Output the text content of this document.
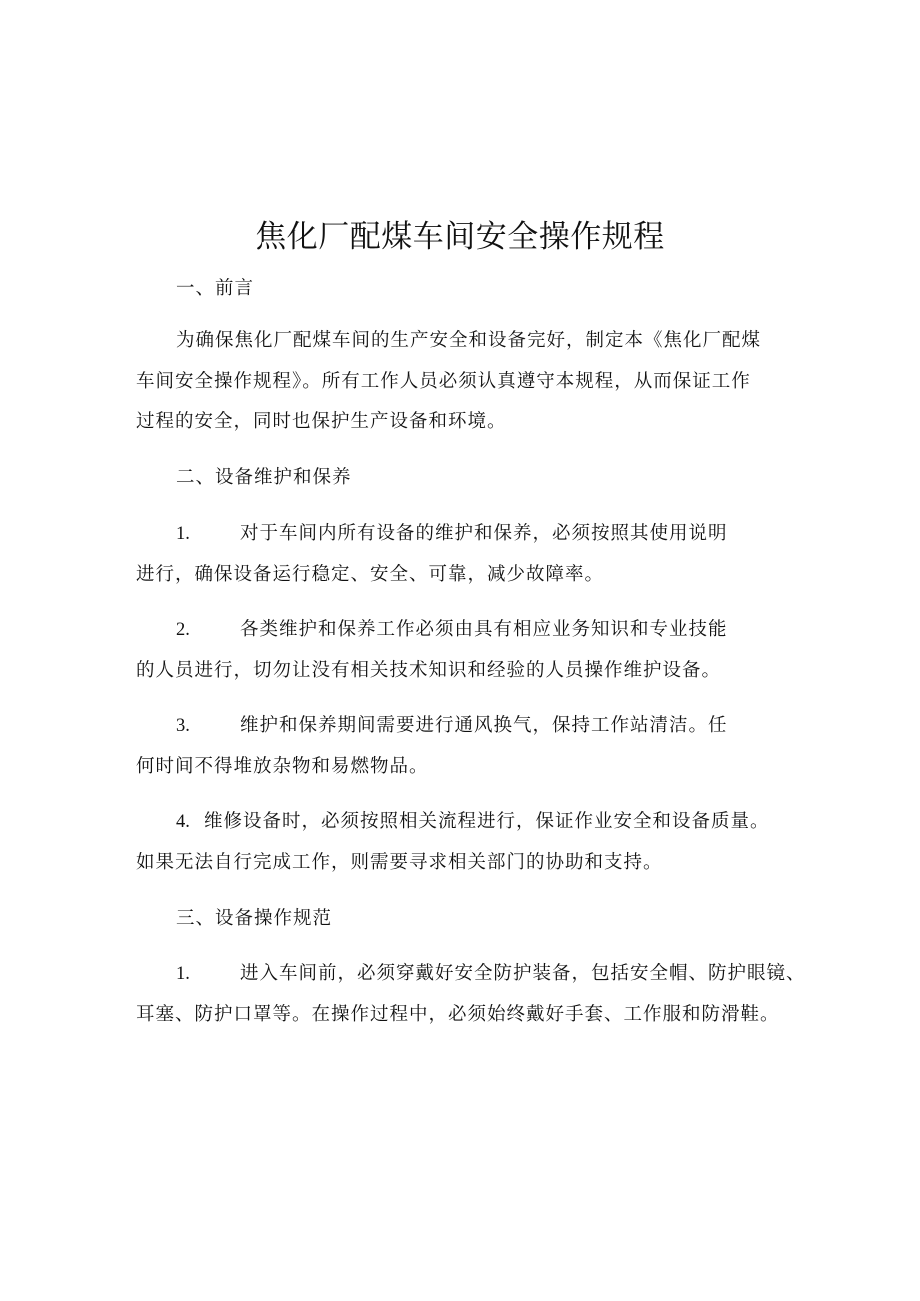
焦化厂配煤车间安全操作规程
一、前言
为确保焦化厂配煤车间的生产安全和设备完好，制定本《焦化厂配煤
车间安全操作规程》。所有工作人员必须认真遵守本规程，从而保证工作
过程的安全，同时也保护生产设备和环境。
二、设备维护和保养
1.	对于车间内所有设备的维护和保养，必须按照其使用说明
进行，确保设备运行稳定、安全、可靠，减少故障率。
2.	各类维护和保养工作必须由具有相应业务知识和专业技能
的人员进行，切勿让没有相关技术知识和经验的人员操作维护设备。
3.	维护和保养期间需要进行通风换气，保持工作站清洁。任
何时间不得堆放杂物和易燃物品。
4. 维修设备时，必须按照相关流程进行，保证作业安全和设备质量。
如果无法自行完成工作，则需要寻求相关部门的协助和支持。
三、设备操作规范
1.	进入车间前，必须穿戴好安全防护装备，包括安全帽、防护眼镜、
耳塞、防护口罩等。在操作过程中，必须始终戴好手套、工作服和防滑鞋。
